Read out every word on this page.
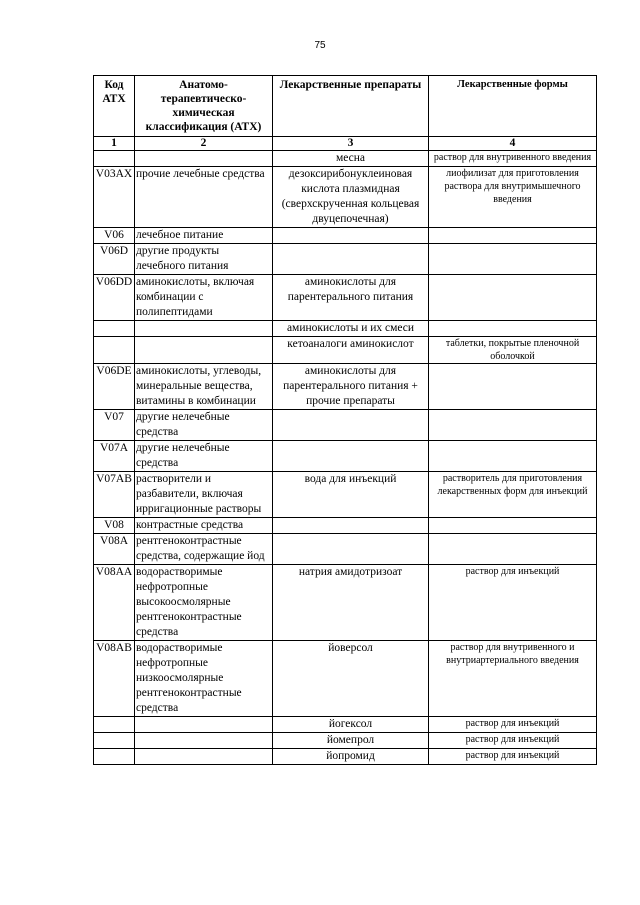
75
Код АТХ	Анатомо-терапевтическо-химическая классификация (АТХ)	Лекарственные препараты	Лекарственные формы
1	2	3	4
		месна	раствор для внутривенного введения
V03AX	прочие лечебные средства	дезоксирибонуклеиновая кислота плазмидная (сверхскрученная кольцевая двуцепочечная)	лиофилизат для приготовления раствора для внутримышечного введения
V06	лечебное питание		
V06D	другие продукты лечебного питания		
V06DD	аминокислоты, включая комбинации с полипептидами	аминокислоты для парентерального питания	
		аминокислоты и их смеси	
		кетоаналоги аминокислот	таблетки, покрытые пленочной оболочкой
V06DE	аминокислоты, углеводы, минеральные вещества, витамины в комбинации	аминокислоты для парентерального питания + прочие препараты	
V07	другие нелечебные средства		
V07A	другие нелечебные средства		
V07AB	растворители и разбавители, включая ирригационные растворы	вода для инъекций	растворитель для приготовления лекарственных форм для инъекций
V08	контрастные средства		
V08A	рентгеноконтрастные средства, содержащие йод		
V08AA	водорастворимые нефротропные высокоосмолярные рентгеноконтрастные средства	натрия амидотризоат	раствор для инъекций
V08AB	водорастворимые нефротропные низкоосмолярные рентгеноконтрастные средства	йоверсол	раствор для внутривенного и внутриартериального введения
		йогексол	раствор для инъекций
		йомепрол	раствор для инъекций
		йопромид	раствор для инъекций
